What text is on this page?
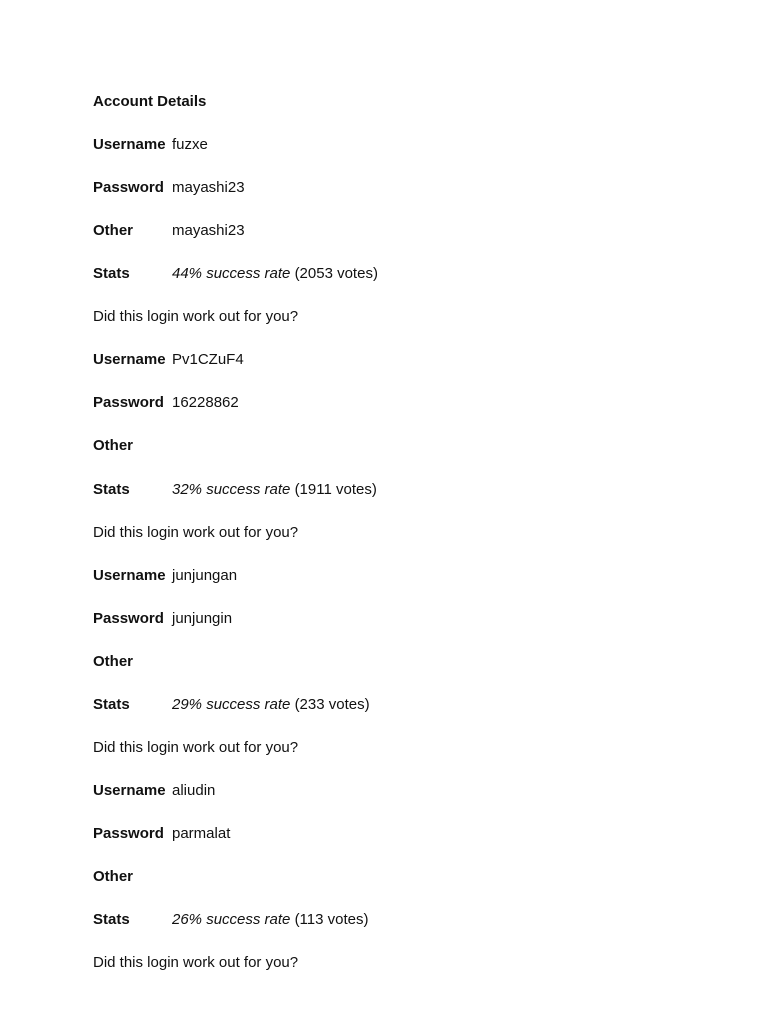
Account Details
Username fuzxe
Password mayashi23
Other	mayashi23
Stats	44% success rate (2053 votes)
Did this login work out for you?
Username Pv1CZuF4
Password 16228862
Other
Stats	32% success rate (1911 votes)
Did this login work out for you?
Username junjungan
Password junjungin
Other
Stats	29% success rate (233 votes)
Did this login work out for you?
Username aliudin
Password parmalat
Other
Stats	26% success rate (113 votes)
Did this login work out for you?
